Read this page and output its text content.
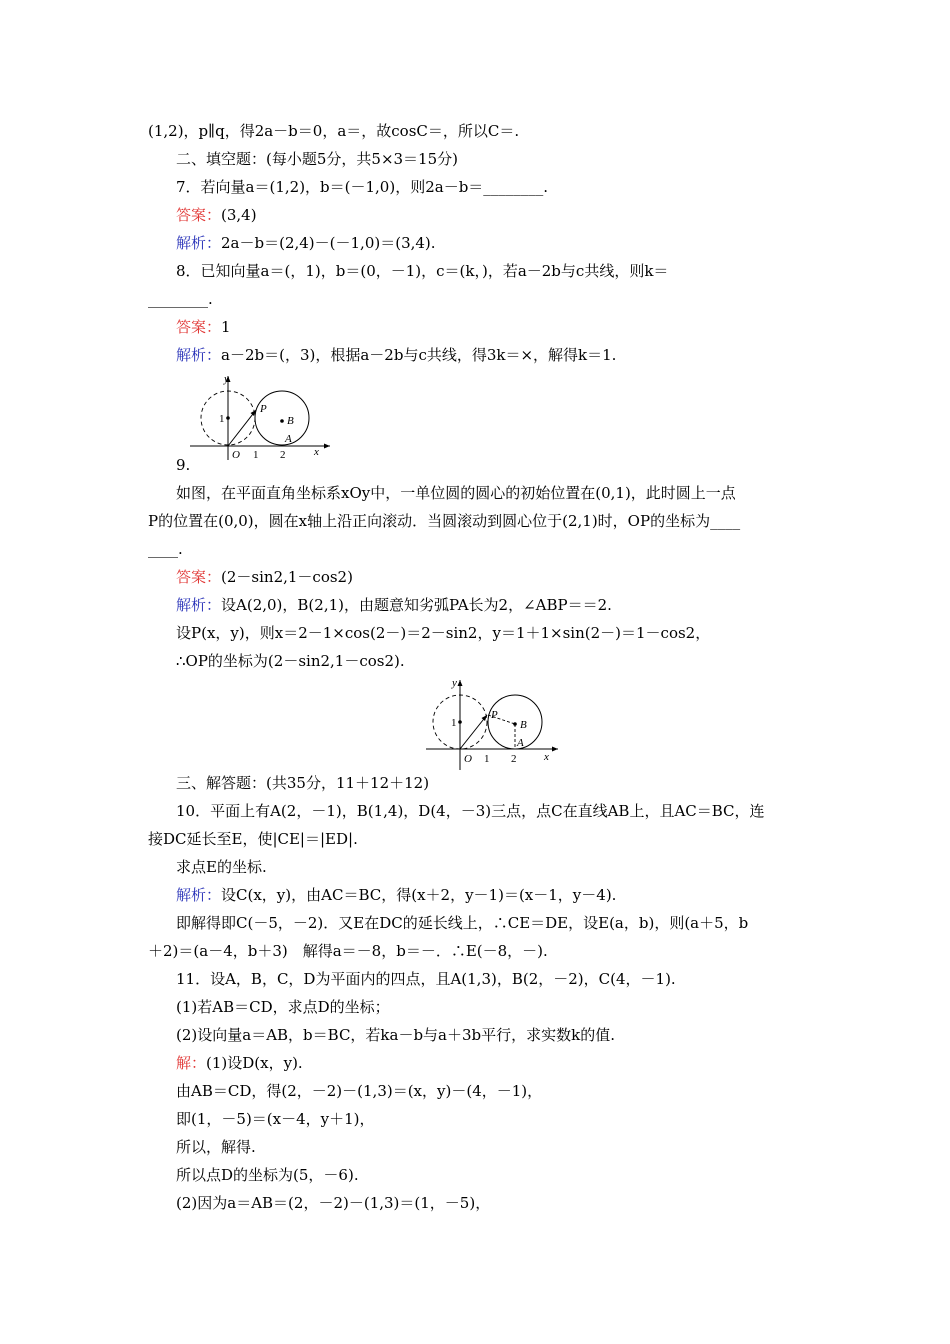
(1,2)，p∥q，得2a－b＝0，a＝，故cosC＝，所以C＝.
二、填空题：(每小题5分，共5×3＝15分)
7．若向量a＝(1,2)，b＝(－1,0)，则2a－b＝________.
答案：(3,4)
解析：2a－b＝(2,4)－(－1,0)＝(3,4).
8．已知向量a＝(，1)，b＝(0，－1)，c＝(k，)，若a－2b与c共线，则k＝
________.
答案：1
解析：a－2b＝(，3)，根据a－2b与c共线，得3k＝×，解得k＝1.
y
x
O 1 2
1
P
B
A
9.
如图，在平面直角坐标系xOy中，一单位圆的圆心的初始位置在(0,1)，此时圆上一点
P的位置在(0,0)，圆在x轴上沿正向滚动．当圆滚动到圆心位于(2,1)时，OP的坐标为____
____.
答案：(2－sin2,1－cos2)
解析：设A(2,0)，B(2,1)，由题意知劣弧PA长为2，∠ABP＝＝2.
设P(x，y)，则x＝2－1×cos(2－)＝2－sin2，y＝1＋1×sin(2－)＝1－cos2，
∴OP的坐标为(2－sin2,1－cos2).
y
x
O 1 2
1
P
B
A
三、解答题：(共35分，11＋12＋12)
10．平面上有A(2，－1)，B(1,4)，D(4，－3)三点，点C在直线AB上，且AC＝BC，连
接DC延长至E，使|CE|＝|ED|.
求点E的坐标.
解析：设C(x，y)，由AC＝BC，得(x＋2，y－1)＝(x－1，y－4).
即解得即C(－5，－2)．又E在DC的延长线上，∴CE＝DE，设E(a，b)，则(a＋5，b
＋2)＝(a－4，b＋3)　解得a＝－8，b＝－．∴E(－8，－).
11．设A，B，C，D为平面内的四点，且A(1,3)，B(2，－2)，C(4，－1).
(1)若AB＝CD，求点D的坐标；
(2)设向量a＝AB，b＝BC，若ka－b与a＋3b平行，求实数k的值.
解：(1)设D(x，y).
由AB＝CD，得(2，－2)－(1,3)＝(x，y)－(4，－1)，
即(1，－5)＝(x－4，y＋1)，
所以，解得.
所以点D的坐标为(5，－6).
(2)因为a＝AB＝(2，－2)－(1,3)＝(1，－5)，
